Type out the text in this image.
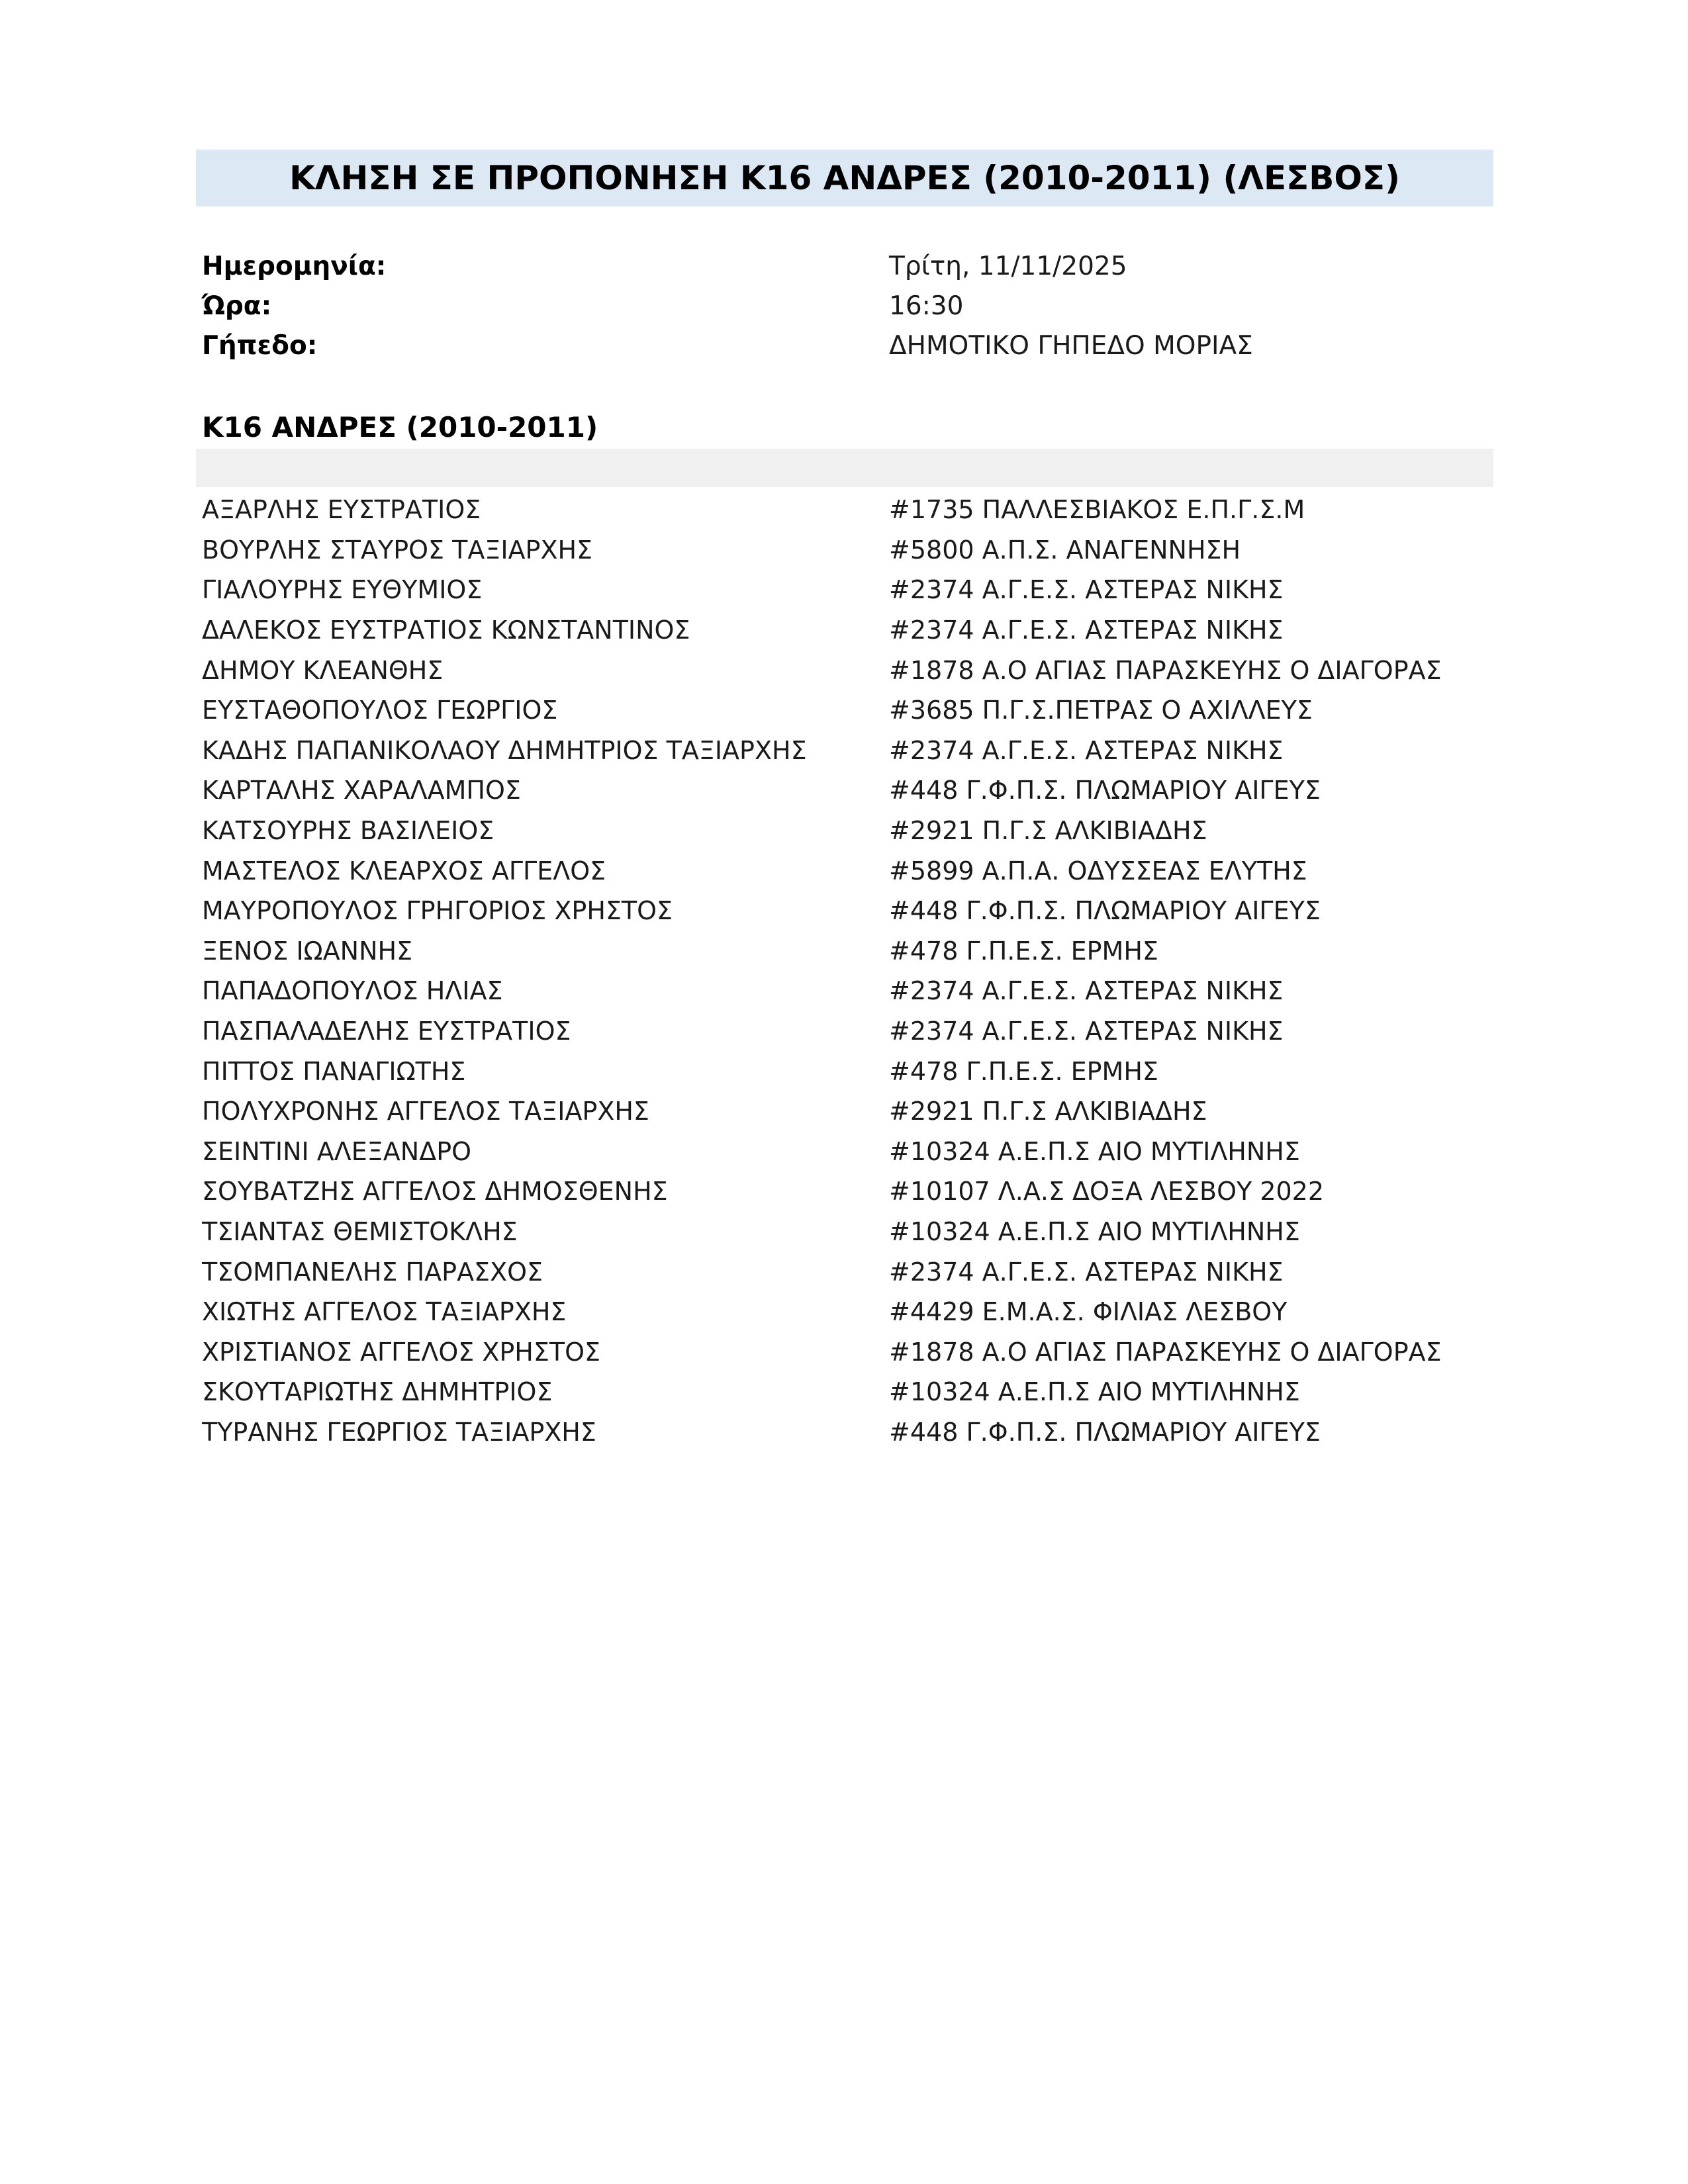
ΚΛΗΣΗ ΣΕ ΠΡΟΠΟΝΗΣΗ Κ16 ΑΝΔΡΕΣ (2010-2011) (ΛΕΣΒΟΣ)
Ημερομηνία:	Τρίτη, 11/11/2025
Ώρα:	16:30
Γήπεδο:	ΔΗΜΟΤΙΚΟ ΓΗΠΕΔΟ ΜΟΡΙΑΣ
Κ16 ΑΝΔΡΕΣ (2010-2011)
ΑΞΑΡΛΗΣ ΕΥΣΤΡΑΤΙΟΣ	#1735 ΠΑΛΛΕΣΒΙΑΚΟΣ Ε.Π.Γ.Σ.Μ
ΒΟΥΡΛΗΣ ΣΤΑΥΡΟΣ ΤΑΞΙΑΡΧΗΣ	#5800 Α.Π.Σ. ΑΝΑΓΕΝΝΗΣΗ
ΓΙΑΛΟΥΡΗΣ ΕΥΘΥΜΙΟΣ	#2374 Α.Γ.Ε.Σ. ΑΣΤΕΡΑΣ ΝΙΚΗΣ
ΔΑΛΕΚΟΣ ΕΥΣΤΡΑΤΙΟΣ ΚΩΝΣΤΑΝΤΙΝΟΣ	#2374 Α.Γ.Ε.Σ. ΑΣΤΕΡΑΣ ΝΙΚΗΣ
ΔΗΜΟΥ ΚΛΕΑΝΘΗΣ	#1878 Α.Ο ΑΓΙΑΣ ΠΑΡΑΣΚΕΥΗΣ Ο ΔΙΑΓΟΡΑΣ
ΕΥΣΤΑΘΟΠΟΥΛΟΣ ΓΕΩΡΓΙΟΣ	#3685 Π.Γ.Σ.ΠΕΤΡΑΣ Ο ΑΧΙΛΛΕΥΣ
ΚΑΔΗΣ ΠΑΠΑΝΙΚΟΛΑΟΥ ΔΗΜΗΤΡΙΟΣ ΤΑΞΙΑΡΧΗΣ	#2374 Α.Γ.Ε.Σ. ΑΣΤΕΡΑΣ ΝΙΚΗΣ
ΚΑΡΤΑΛΗΣ ΧΑΡΑΛΑΜΠΟΣ	#448 Γ.Φ.Π.Σ. ΠΛΩΜΑΡΙΟΥ ΑΙΓΕΥΣ
ΚΑΤΣΟΥΡΗΣ ΒΑΣΙΛΕΙΟΣ	#2921 Π.Γ.Σ ΑΛΚΙΒΙΑΔΗΣ
ΜΑΣΤΕΛΟΣ ΚΛΕΑΡΧΟΣ ΑΓΓΕΛΟΣ	#5899 Α.Π.Α. ΟΔΥΣΣΕΑΣ ΕΛΥΤΗΣ
ΜΑΥΡΟΠΟΥΛΟΣ ΓΡΗΓΟΡΙΟΣ ΧΡΗΣΤΟΣ	#448 Γ.Φ.Π.Σ. ΠΛΩΜΑΡΙΟΥ ΑΙΓΕΥΣ
ΞΕΝΟΣ ΙΩΑΝΝΗΣ	#478 Γ.Π.Ε.Σ. ΕΡΜΗΣ
ΠΑΠΑΔΟΠΟΥΛΟΣ ΗΛΙΑΣ	#2374 Α.Γ.Ε.Σ. ΑΣΤΕΡΑΣ ΝΙΚΗΣ
ΠΑΣΠΑΛΑΔΕΛΗΣ ΕΥΣΤΡΑΤΙΟΣ	#2374 Α.Γ.Ε.Σ. ΑΣΤΕΡΑΣ ΝΙΚΗΣ
ΠΙΤΤΟΣ ΠΑΝΑΓΙΩΤΗΣ	#478 Γ.Π.Ε.Σ. ΕΡΜΗΣ
ΠΟΛΥΧΡΟΝΗΣ ΑΓΓΕΛΟΣ ΤΑΞΙΑΡΧΗΣ	#2921 Π.Γ.Σ ΑΛΚΙΒΙΑΔΗΣ
ΣΕΙΝΤΙΝΙ ΑΛΕΞΑΝΔΡΟ	#10324 Α.Ε.Π.Σ ΑΙΟ ΜΥΤΙΛΗΝΗΣ
ΣΟΥΒΑΤΖΗΣ ΑΓΓΕΛΟΣ ΔΗΜΟΣΘΕΝΗΣ	#10107 Λ.Α.Σ ΔΟΞΑ ΛΕΣΒΟΥ 2022
ΤΣΙΑΝΤΑΣ ΘΕΜΙΣΤΟΚΛΗΣ	#10324 Α.Ε.Π.Σ ΑΙΟ ΜΥΤΙΛΗΝΗΣ
ΤΣΟΜΠΑΝΕΛΗΣ ΠΑΡΑΣΧΟΣ	#2374 Α.Γ.Ε.Σ. ΑΣΤΕΡΑΣ ΝΙΚΗΣ
ΧΙΩΤΗΣ ΑΓΓΕΛΟΣ ΤΑΞΙΑΡΧΗΣ	#4429 Ε.Μ.Α.Σ. ΦΙΛΙΑΣ ΛΕΣΒΟΥ
ΧΡΙΣΤΙΑΝΟΣ ΑΓΓΕΛΟΣ ΧΡΗΣΤΟΣ	#1878 Α.Ο ΑΓΙΑΣ ΠΑΡΑΣΚΕΥΗΣ Ο ΔΙΑΓΟΡΑΣ
ΣΚΟΥΤΑΡΙΩΤΗΣ ΔΗΜΗΤΡΙΟΣ	#10324 Α.Ε.Π.Σ ΑΙΟ ΜΥΤΙΛΗΝΗΣ
ΤΥΡΑΝΗΣ ΓΕΩΡΓΙΟΣ ΤΑΞΙΑΡΧΗΣ	#448 Γ.Φ.Π.Σ. ΠΛΩΜΑΡΙΟΥ ΑΙΓΕΥΣ
